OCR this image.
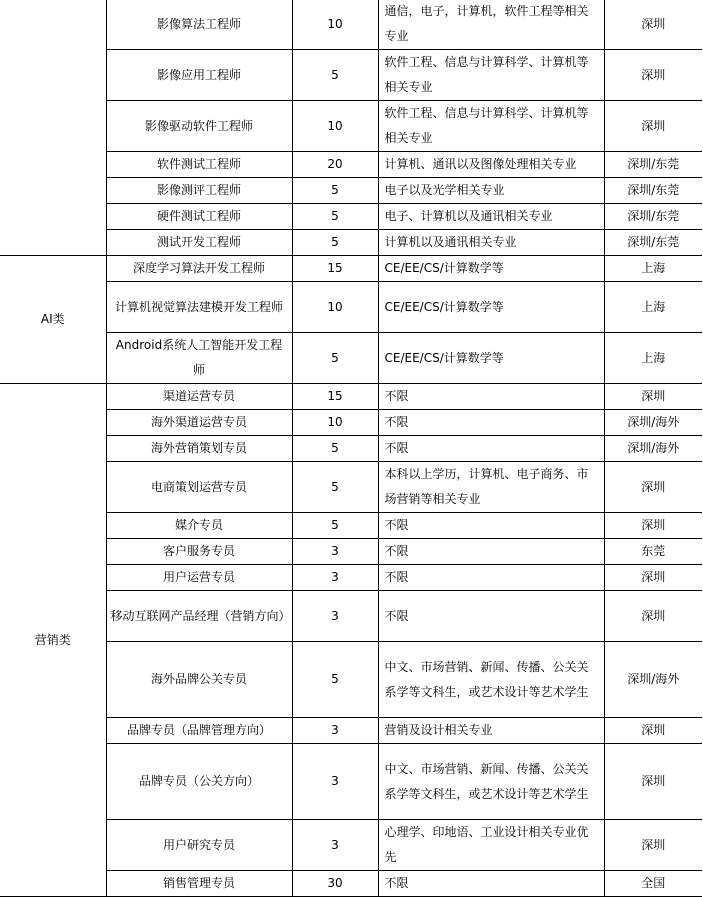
	影像算法工程师	10	通信，电子，计算机，软件工程等相关专业	深圳
	影像应用工程师	5	软件工程、信息与计算科学、计算机等相关专业	深圳
	影像驱动软件工程师	10	软件工程、信息与计算科学、计算机等相关专业	深圳
	软件测试工程师	20	计算机、通讯以及图像处理相关专业	深圳/东莞
	影像测评工程师	5	电子以及光学相关专业	深圳/东莞
	硬件测试工程师	5	电子、计算机以及通讯相关专业	深圳/东莞
	测试开发工程师	5	计算机以及通讯相关专业	深圳/东莞
AI类	深度学习算法开发工程师	15	CE/EE/CS/计算数学等	上海
	计算机视觉算法建模开发工程师	10	CE/EE/CS/计算数学等	上海
	Android系统人工智能开发工程师	5	CE/EE/CS/计算数学等	上海
营销类	渠道运营专员	15	不限	深圳
	海外渠道运营专员	10	不限	深圳/海外
	海外营销策划专员	5	不限	深圳/海外
	电商策划运营专员	5	本科以上学历，计算机、电子商务、市场营销等相关专业	深圳
	媒介专员	5	不限	深圳
	客户服务专员	3	不限	东莞
	用户运营专员	3	不限	深圳
	移动互联网产品经理（营销方向）	3	不限	深圳
	海外品牌公关专员	5	中文、市场营销、新闻、传播、公关关系学等文科生，或艺术设计等艺术学生	深圳/海外
	品牌专员（品牌管理方向）	3	营销及设计相关专业	深圳
	品牌专员（公关方向）	3	中文、市场营销、新闻、传播、公关关系学等文科生，或艺术设计等艺术学生	深圳
	用户研究专员	3	心理学、印地语、工业设计相关专业优先	深圳
	销售管理专员	30	不限	全国
